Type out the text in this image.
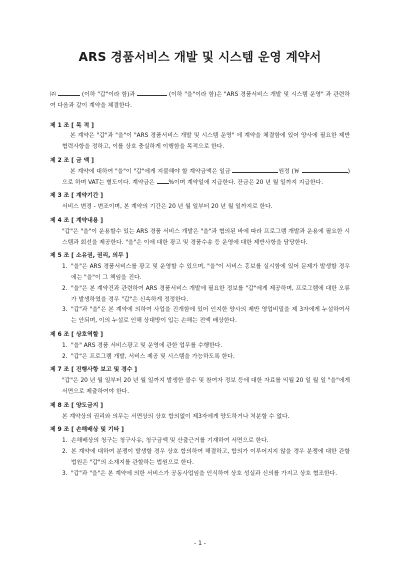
ARS 경품서비스 개발 및 시스템 운영 계약서

㈜	(이하 "갑"이라 함)과	(이하 "을"이라 함)은 "ARS 경품서비스 개발 및 시스템 운영" 과 관련하여 다음과 같이 계약을 체결한다.

제 1 조 [ 목 적 ]

본 계약은 "갑"과 "을"이 "ARS 경품서비스 개발 및 시스템 운영" 에 계약을 체결함에 있어 양사에 필요한 제반 협력사항을 정하고, 이를 상호 충실하게 이행함을 목적으로 한다.

제 2 조 [ 금 액 ]

본 계약에 대하여 "을"이 "갑"에게 지불해야 할 계약금액은 일금	원정 (￦	)으로 하며 VAT는 별도이다. 계약금은 %이며 계약일에 지급한다. 잔금은 20 년 월 일까지 지급한다.

제 3 조 [ 계약기간 ]

서비스 변경 - 변조이며, 본 계약의 기간은 20 년 월 일부터 20 년 월 일까지로 한다.

제 4 조 [ 계약내용 ]

"갑"은 "을"이 운용할수 있는 ARS 경품 서비스 개발은 "을"과 협의된 바에 따라 프로그램 개발과 운용에 필요한 시스템과 회선을 제공한다. "을"은 이에 대한 광고 및 경품수송 등 운영에 대한 제반사항을 담당한다.

제 5 조 [ 소유권, 권리, 의무 ]

1. "을"은 ARS 경품서비스를 광고 및 운영할 수 있으며, "을"이 서비스 홍보를 실시함에 있어 문제가 발생할 경우에는 "을"이 그 책임을 진다.
2. "을"은 본 계약건과 관련하여 ARS 경품서비스 개발에 필요한 정보를 "갑"에게 제공하며, 프로그램에 대한 오류가 발생하였을 경우 "갑"은 신속하게 정정한다.
3. "갑"과 "을"은 본 계약에 의하여 사업을 진개함에 있어 인지한 양사의 제반 영업비밀을 제 3자에게 누설하여서는 안되며, 이의 누설로 인해 상대방이 입는 손해는 전액 배상한다.

제 6 조 [ 상호역할 ]

1. "을" ARS 경품 서비스광고 및 운영에 관한 업무를 수행한다.
2. "갑"은 프로그램 개발, 서비스 제공 및 시스템을 가능하도록 한다.

제 7 조 [ 진행사항 보고 및 경수 ]

"갑"은 20 년 월 일부터 20 년 월 일까지 발생한 콜수 및 참여자 정보 등에 대한 자료를 익월 20 일 월 일 "을"에게 서면으로 제출하여야 한다.

제 8 조 [ 양도금지 ]

본 계약상의 권리와 의무는 서면상의 상호 합의없이 제3자에게 양도하거나 처분할 수 없다.

제 9 조 [ 손해배상 및 기타 ]

1. 손해배상의 청구는 청구사유, 청구금액 및 산출근거를 기재하여 서면으로 한다.
2. 본 계약에 대하여 분쟁이 발생할 경우 상호 합의하여 해결하고, 합의가 이루어지지 않을 경우 분쟁에 대한 관할 법원은 "갑"의 소재지를 관할하는 법원으로 한다.
3. "갑"과 "을"은 본 계약에 의한 서비스가 공동사업임을 인식하여 상호 성실과 신의를 가지고 상호 협조한다.
- 1 -
